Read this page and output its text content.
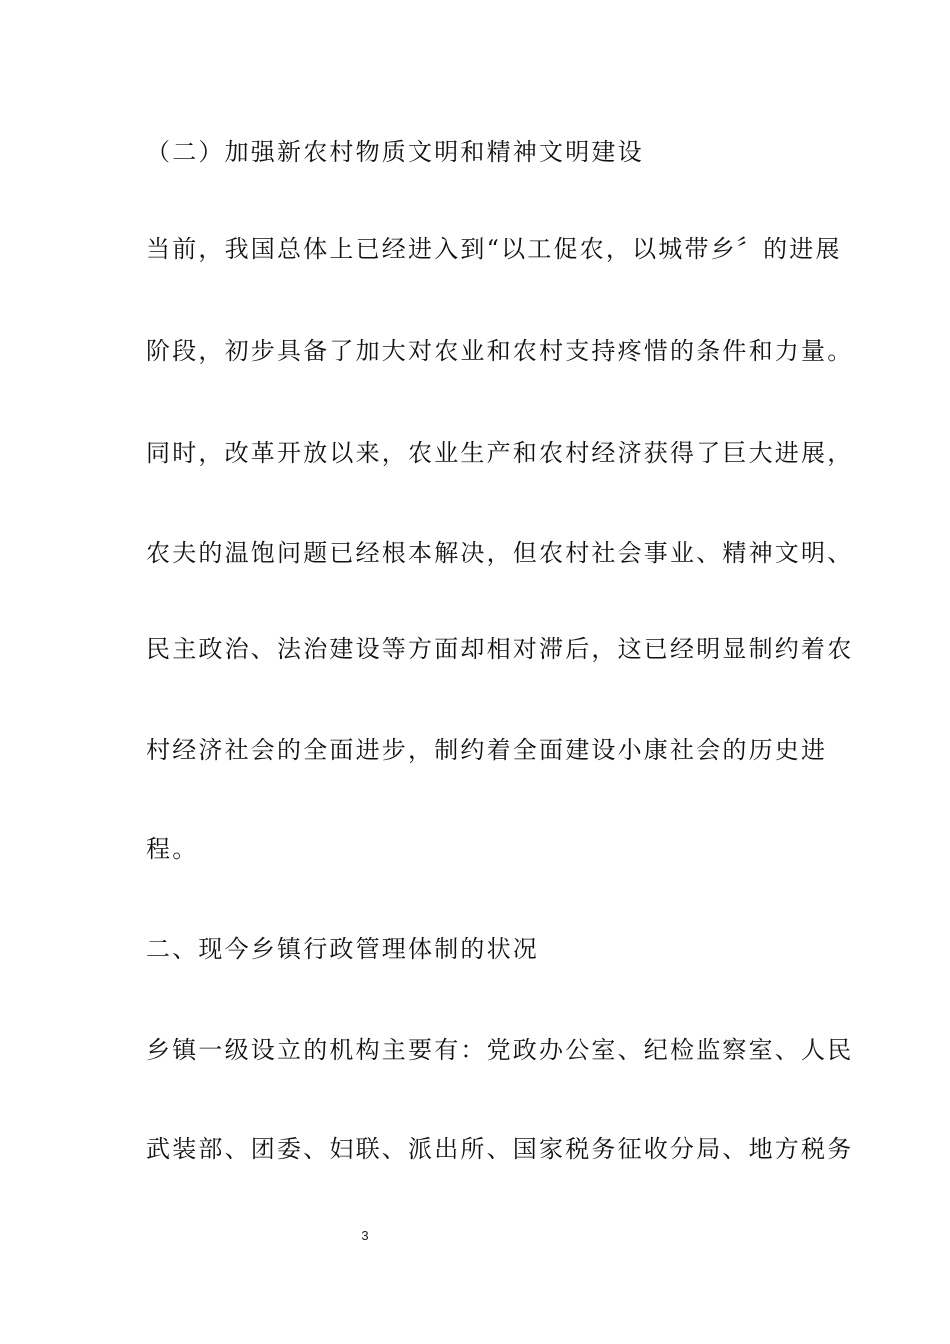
（二）加强新农村物质文明和精神文明建设
当前，我国总体上已经进入到“以工促农，以城带乡〞的进展
阶段，初步具备了加大对农业和农村支持疼惜的条件和力量。
同时，改革开放以来，农业生产和农村经济获得了巨大进展，
农夫的温饱问题已经根本解决，但农村社会事业、精神文明、
民主政治、法治建设等方面却相对滞后，这已经明显制约着农
村经济社会的全面进步，制约着全面建设小康社会的历史进
程。
二、现今乡镇行政管理体制的状况
乡镇一级设立的机构主要有：党政办公室、纪检监察室、人民
武装部、团委、妇联、派出所、国家税务征收分局、地方税务
3
